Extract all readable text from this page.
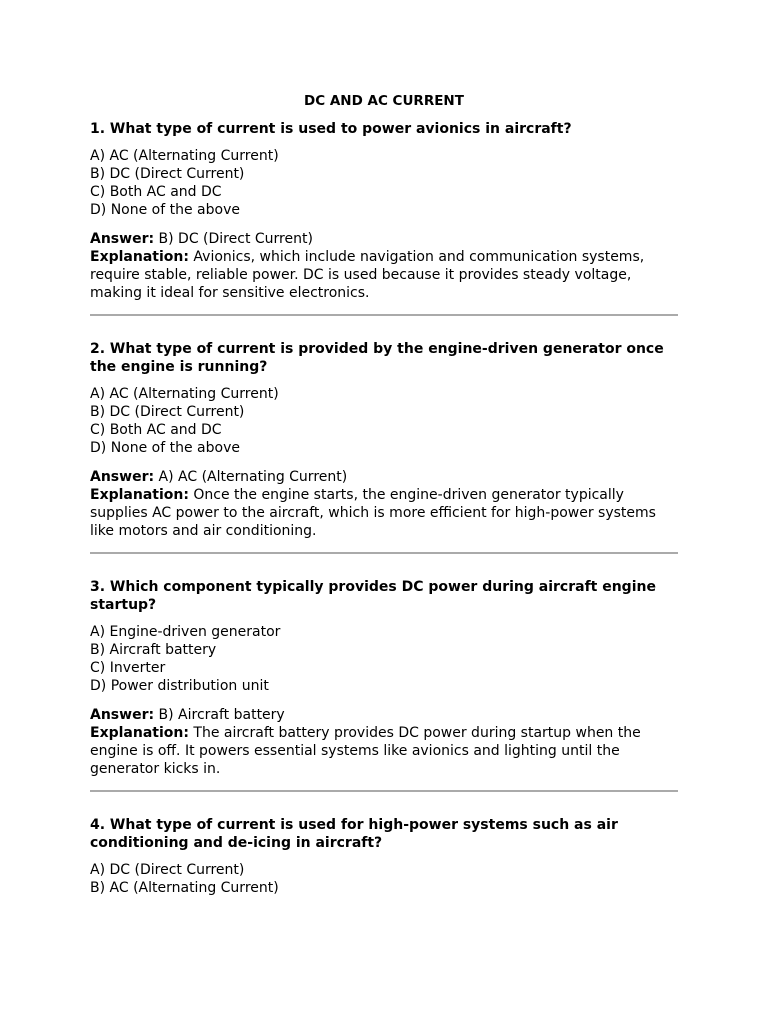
DC AND AC CURRENT
1. What type of current is used to power avionics in aircraft?
A) AC (Alternating Current)
B) DC (Direct Current)
C) Both AC and DC
D) None of the above

Answer: B) DC (Direct Current)

Explanation: Avionics, which include navigation and communication systems, require stable, reliable power. DC is used because it provides steady voltage, making it ideal for sensitive electronics.

2. What type of current is provided by the engine-driven generator once the engine is running?
A) AC (Alternating Current)
B) DC (Direct Current)
C) Both AC and DC
D) None of the above

Answer: A) AC (Alternating Current)

Explanation: Once the engine starts, the engine-driven generator typically supplies AC power to the aircraft, which is more efficient for high-power systems like motors and air conditioning.

3. Which component typically provides DC power during aircraft engine startup?
A) Engine-driven generator
B) Aircraft battery
C) Inverter
D) Power distribution unit

Answer: B) Aircraft battery

Explanation: The aircraft battery provides DC power during startup when the engine is off. It powers essential systems like avionics and lighting until the generator kicks in.

4. What type of current is used for high-power systems such as air conditioning and de-icing in aircraft?
A) DC (Direct Current)
B) AC (Alternating Current)
